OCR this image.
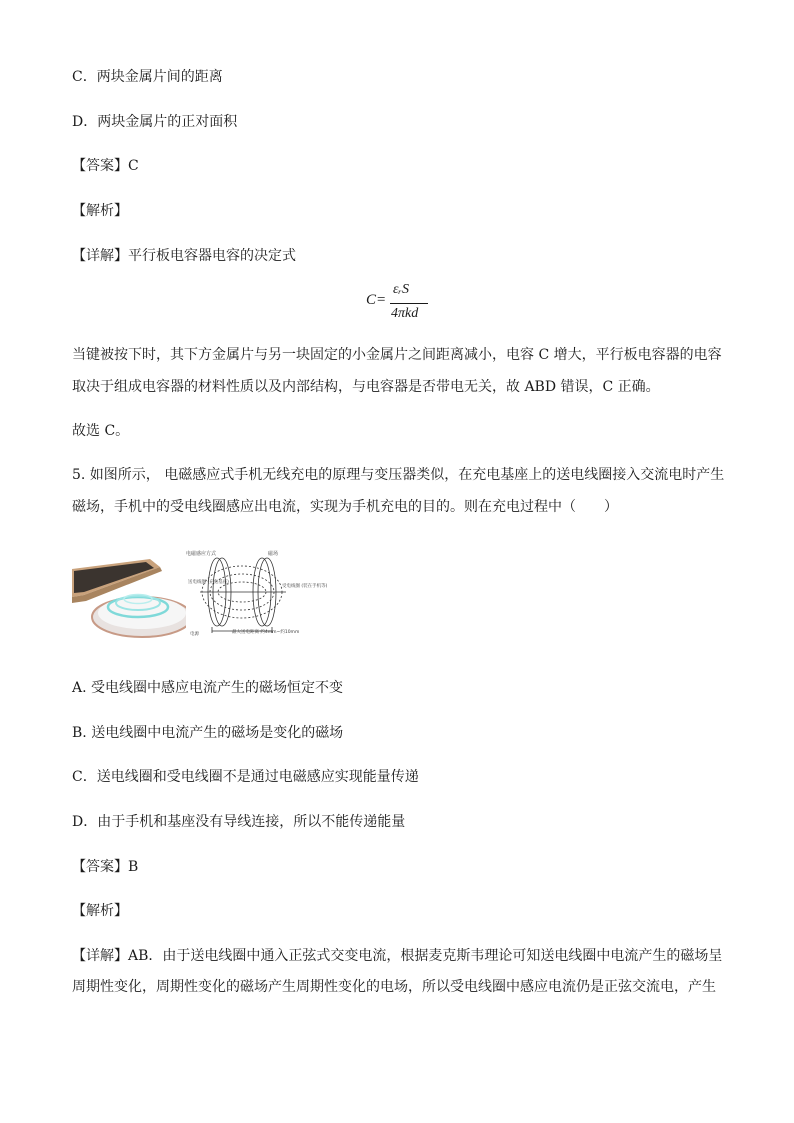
C．两块金属片间的距离
D．两块金属片的正对面积
【答案】C
【解析】
【详解】平行板电容器电容的决定式
C=
εᵣS
4πkd
当键被按下时，其下方金属片与另一块固定的小金属片之间距离减小，电容 C 增大，平行板电容器的电容
取决于组成电容器的材料性质以及内部结构，与电容器是否带电无关，故 ABD 错误，C 正确。
故选 C。
5. 如图所示， 电磁感应式手机无线充电的原理与变压器类似，在充电基座上的送电线圈接入交流电时产生
磁场，手机中的受电线圈感应出电流，实现为手机充电的目的。则在充电过程中（　　）
电磁感应方式	磁场
受电线圈 (装在手机等)
送电线圈 (充电基座)
电源	最大送电距离 约4mm~约10mm
A. 受电线圈中感应电流产生的磁场恒定不变
B. 送电线圈中电流产生的磁场是变化的磁场
C．送电线圈和受电线圈不是通过电磁感应实现能量传递
D．由于手机和基座没有导线连接，所以不能传递能量
【答案】B
【解析】
【详解】AB．由于送电线圈中通入正弦式交变电流，根据麦克斯韦理论可知送电线圈中电流产生的磁场呈
周期性变化，周期性变化的磁场产生周期性变化的电场，所以受电线圈中感应电流仍是正弦交流电，产生
